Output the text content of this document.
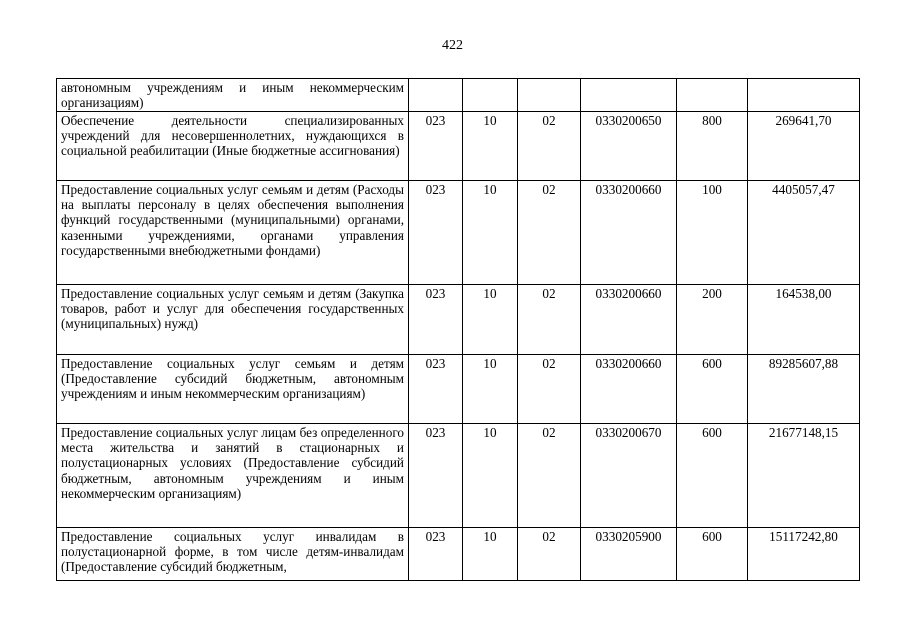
422
автономным учреждениям и иным некоммерческим организациям)						
Обеспечение деятельности специализированных учреждений для несовершеннолетних, нуждающихся в социальной реабилитации (Иные бюджетные ассигнования)	023	10	02	0330200650	800	269641,70
Предоставление социальных услуг семьям и детям (Расходы на выплаты персоналу в целях обеспечения выполнения функций государственными (муниципальными) органами, казенными учреждениями, органами управления государственными внебюджетными фондами)	023	10	02	0330200660	100	4405057,47
Предоставление социальных услуг семьям и детям (Закупка товаров, работ и услуг для обеспечения государственных (муниципальных) нужд)	023	10	02	0330200660	200	164538,00
Предоставление социальных услуг семьям и детям (Предоставление субсидий бюджетным, автономным учреждениям и иным некоммерческим организациям)	023	10	02	0330200660	600	89285607,88
Предоставление социальных услуг лицам без определенного места жительства и занятий в стационарных и полустационарных условиях (Предоставление субсидий бюджетным, автономным учреждениям и иным некоммерческим организациям)	023	10	02	0330200670	600	21677148,15
Предоставление социальных услуг инвалидам в полустационарной форме, в том числе детям-инвалидам (Предоставление субсидий бюджетным,	023	10	02	0330205900	600	15117242,80
